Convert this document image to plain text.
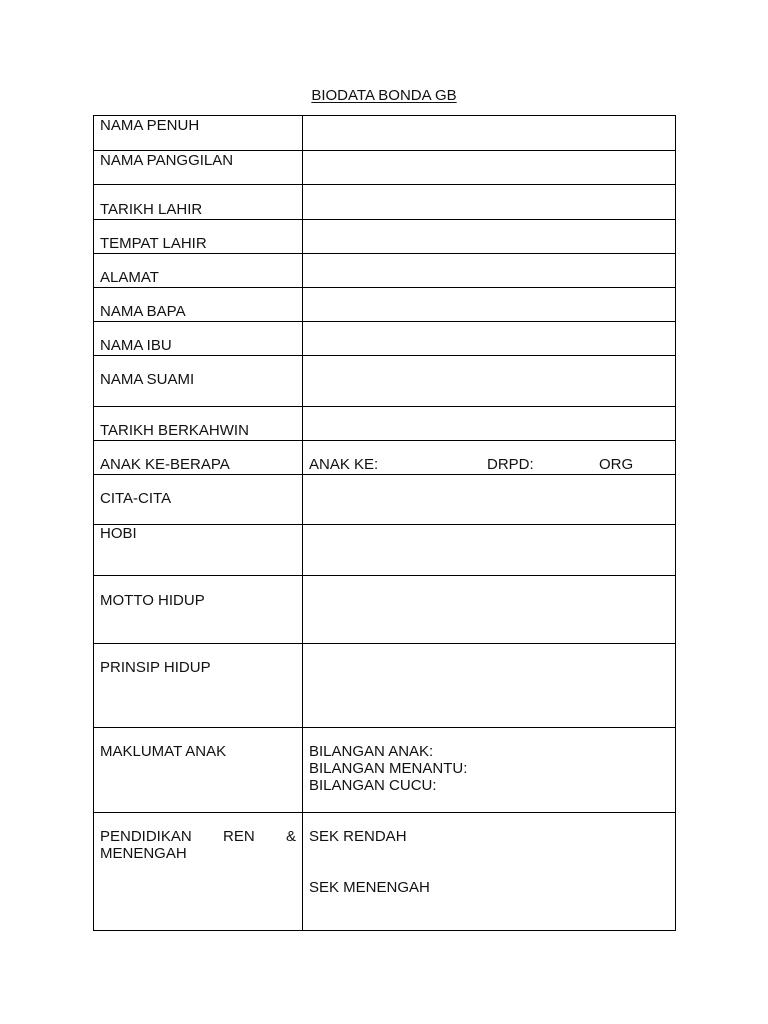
BIODATA BONDA GB
NAMA PENUH	

NAMA PANGGILAN	

TARIKH LAHIR	

TEMPAT LAHIR	

ALAMAT	

NAMA BAPA	

NAMA IBU	

NAMA SUAMI	

TARIKH BERKAHWIN	

ANAK KE-BERAPA	ANAK KE: DRPD: ORG

CITA-CITA	

HOBI	

MOTTO HIDUP	

PRINSIP HIDUP	

MAKLUMAT ANAK	BILANGAN ANAK:
BILANGAN MENANTU:
BILANGAN CUCU:

PENDIDIKAN REN &
MENENGAH	SEK RENDAH
SEK MENENGAH
